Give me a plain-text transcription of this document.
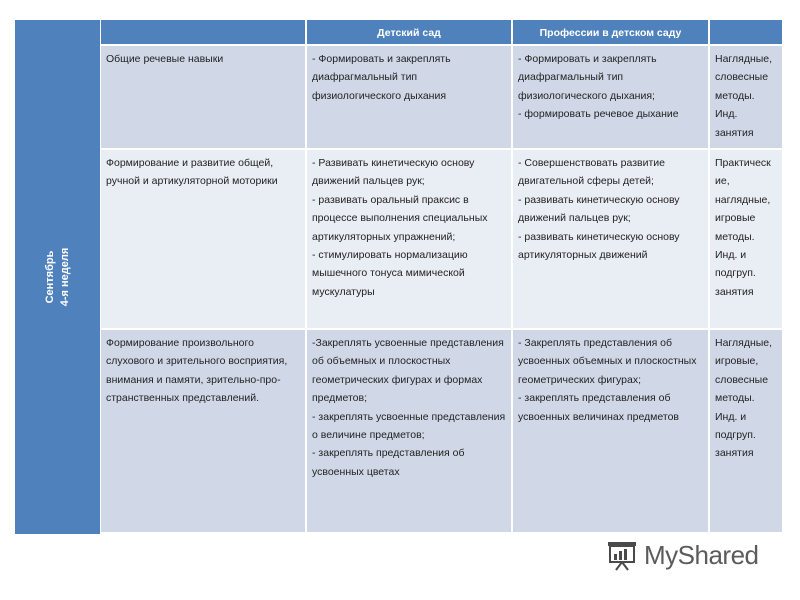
Сентябрь 4-я неделя
Детский сад	Профессии в детском саду
Общие речевые навыки	- Формировать и закреплять диафрагмальный тип физиологического дыхания
- Формировать и закреплять диафрагмальный тип физиологического дыхания;
- формировать речевое дыхание
Наглядные,
словесные
методы.
Инд.
занятия
Формирование и развитие общей, ручной и артикуляторной моторики
- Развивать кинетическую основу движений пальцев рук;
- развивать оральный праксис в процессе выполнения специальных артикуляторных упражнений;
- стимулировать нормализацию мышечного тонуса мимической мускулатуры
- Совершенствовать развитие двигательной сферы детей;
- развивать кинетическую основу движений пальцев рук;
- развивать кинетическую основу артикуляторных движений
Практическ
ие,
наглядные,
игровые
методы.
Инд. и
подгруп.
занятия
Формирование произвольного слухового и зрительного восприятия, внимания и памяти, зрительно-про- странственных представлений.
-Закреплять усвоенные представления об объемных и плоскостных геометрических фигурах и формах предметов;
- закреплять усвоенные представления о величине предметов;
- закреплять представления об усвоенных цветах
- Закреплять представления об усвоенных объемных и плоскостных геометрических фигурах;
- закреплять представления об усвоенных величинах предметов
Наглядные,
игровые,
словесные
методы.
Инд. и
подгруп.
занятия
MyShared
